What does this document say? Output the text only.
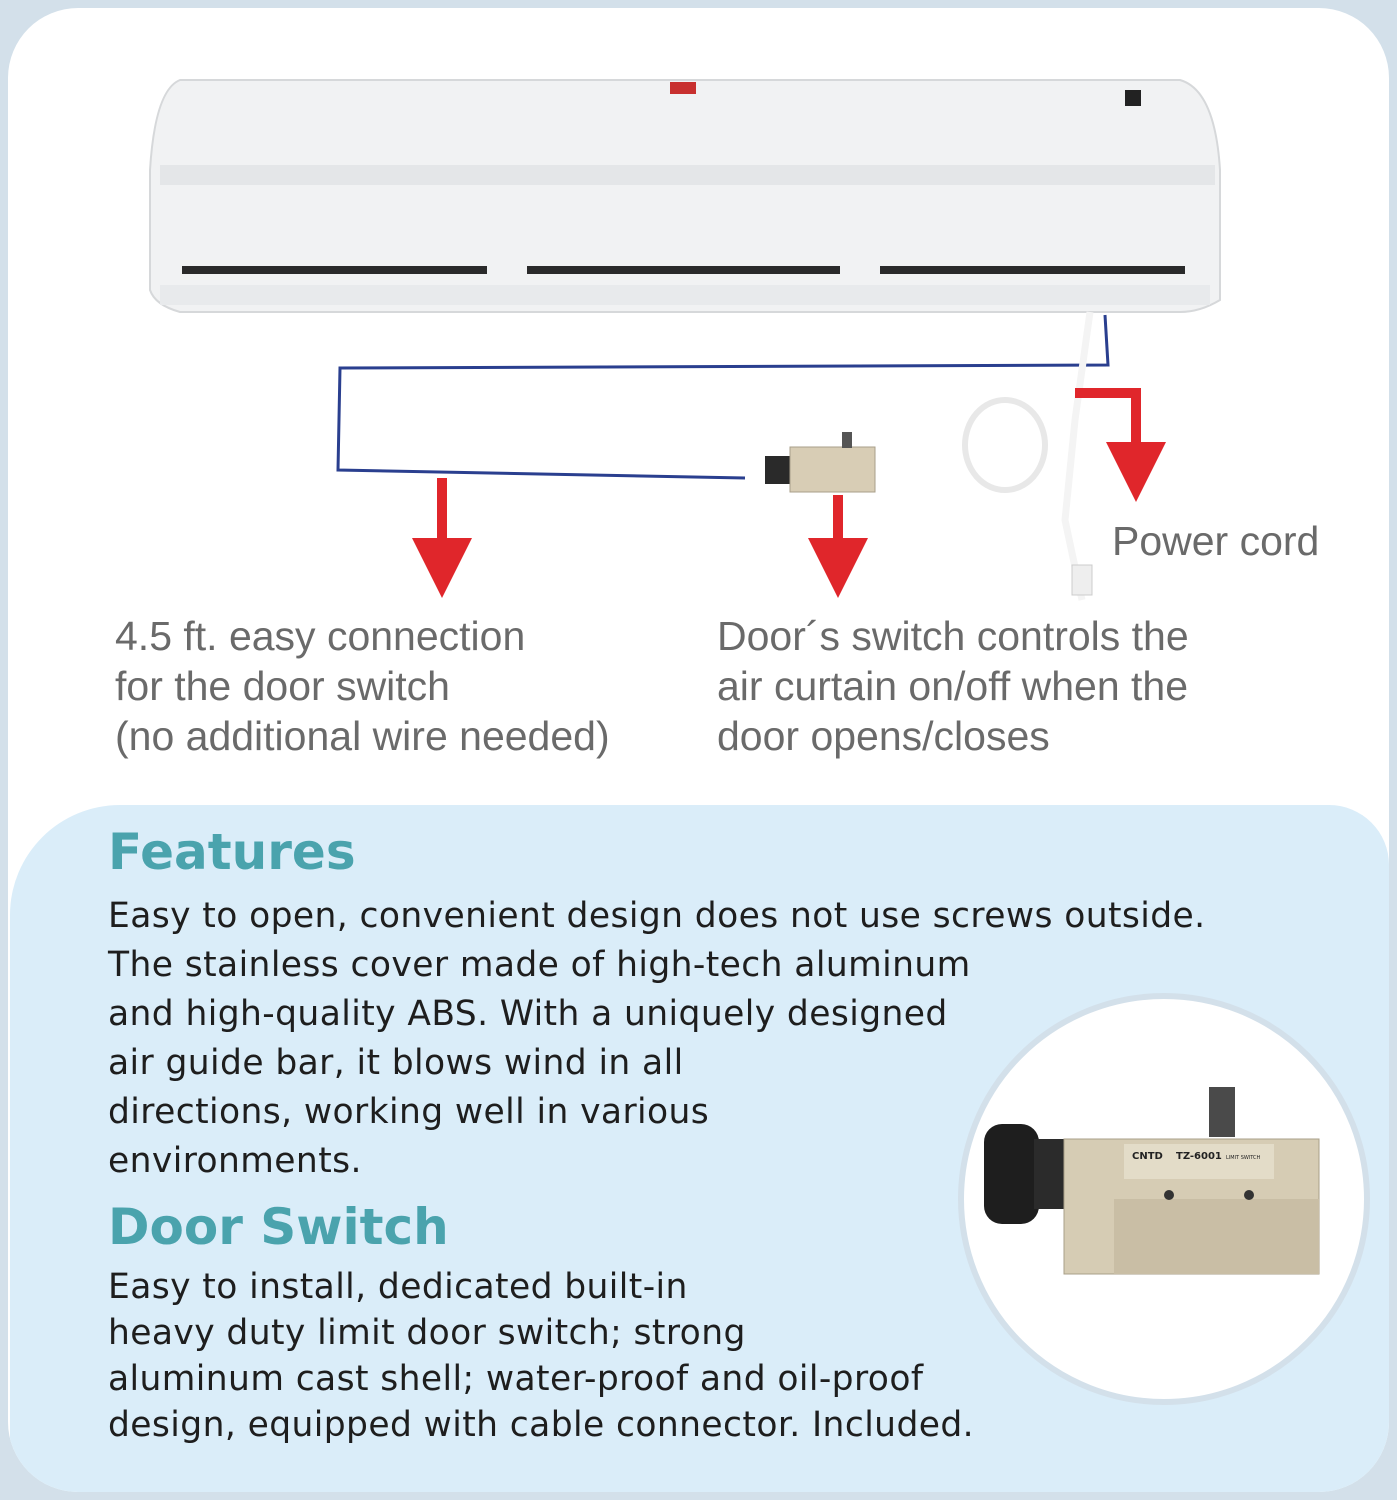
Power cord

4.5 ft. easy connection
for the door switch
(no additional wire needed)

Door´s switch controls the
air curtain on/off when the
door opens/closes

Features

Easy to open, convenient design does not use screws outside.
The stainless cover made of high-tech aluminum
and high-quality ABS. With a uniquely designed
air guide bar, it blows wind in all
directions, working well in various
environments.	CNTD TZ-6001 LIMIT SWITCH
Door Switch

Easy to install, dedicated built-in
heavy duty limit door switch; strong
aluminum cast shell; water-proof and oil-proof
design, equipped with cable connector. Included.
